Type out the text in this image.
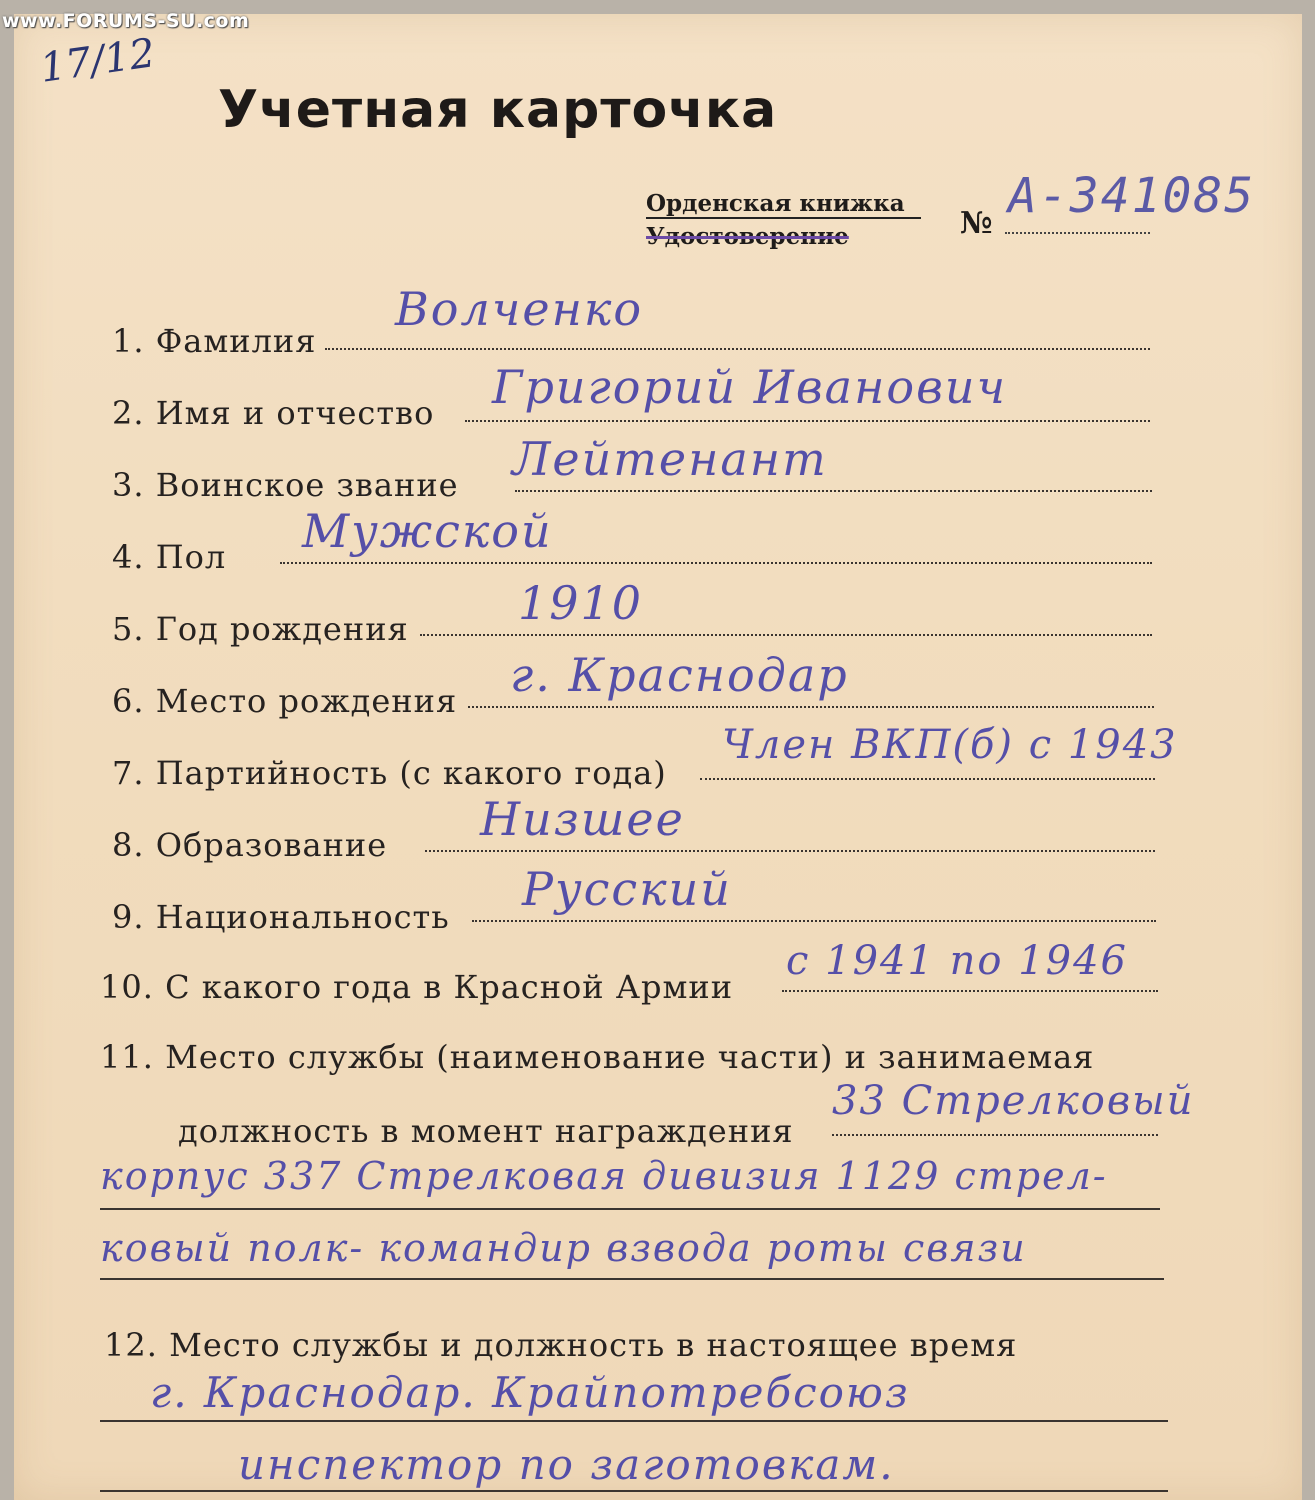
www.FORUMS-SU.com
17/12
Учетная карточка
Орденская книжка
Удостоверение	№ А-341085
1. Фамилия
Волченко
2. Имя и отчество Григорий Иванович
3. Воинское звание Лейтенант
4. Пол Мужской
5. Год рождения 1910
6. Место рождения г. Краснодар
7. Партийность (с какого года)
Член ВКП(б) с 1943
8. Образование Низшее
9. Национальность
Русский
10. С какого года в Красной Армии
с 1941 по 1946
11. Место службы (наименование части) и занимаемая
должность в момент награждения
33 Стрелковый
корпус 337 Стрелковая дивизия 1129 стрел-
ковый полк- командир взвода роты связи
12. Место службы и должность в настоящее время
г. Краснодар. Крайпотребсоюз
инспектор по заготовкам.
